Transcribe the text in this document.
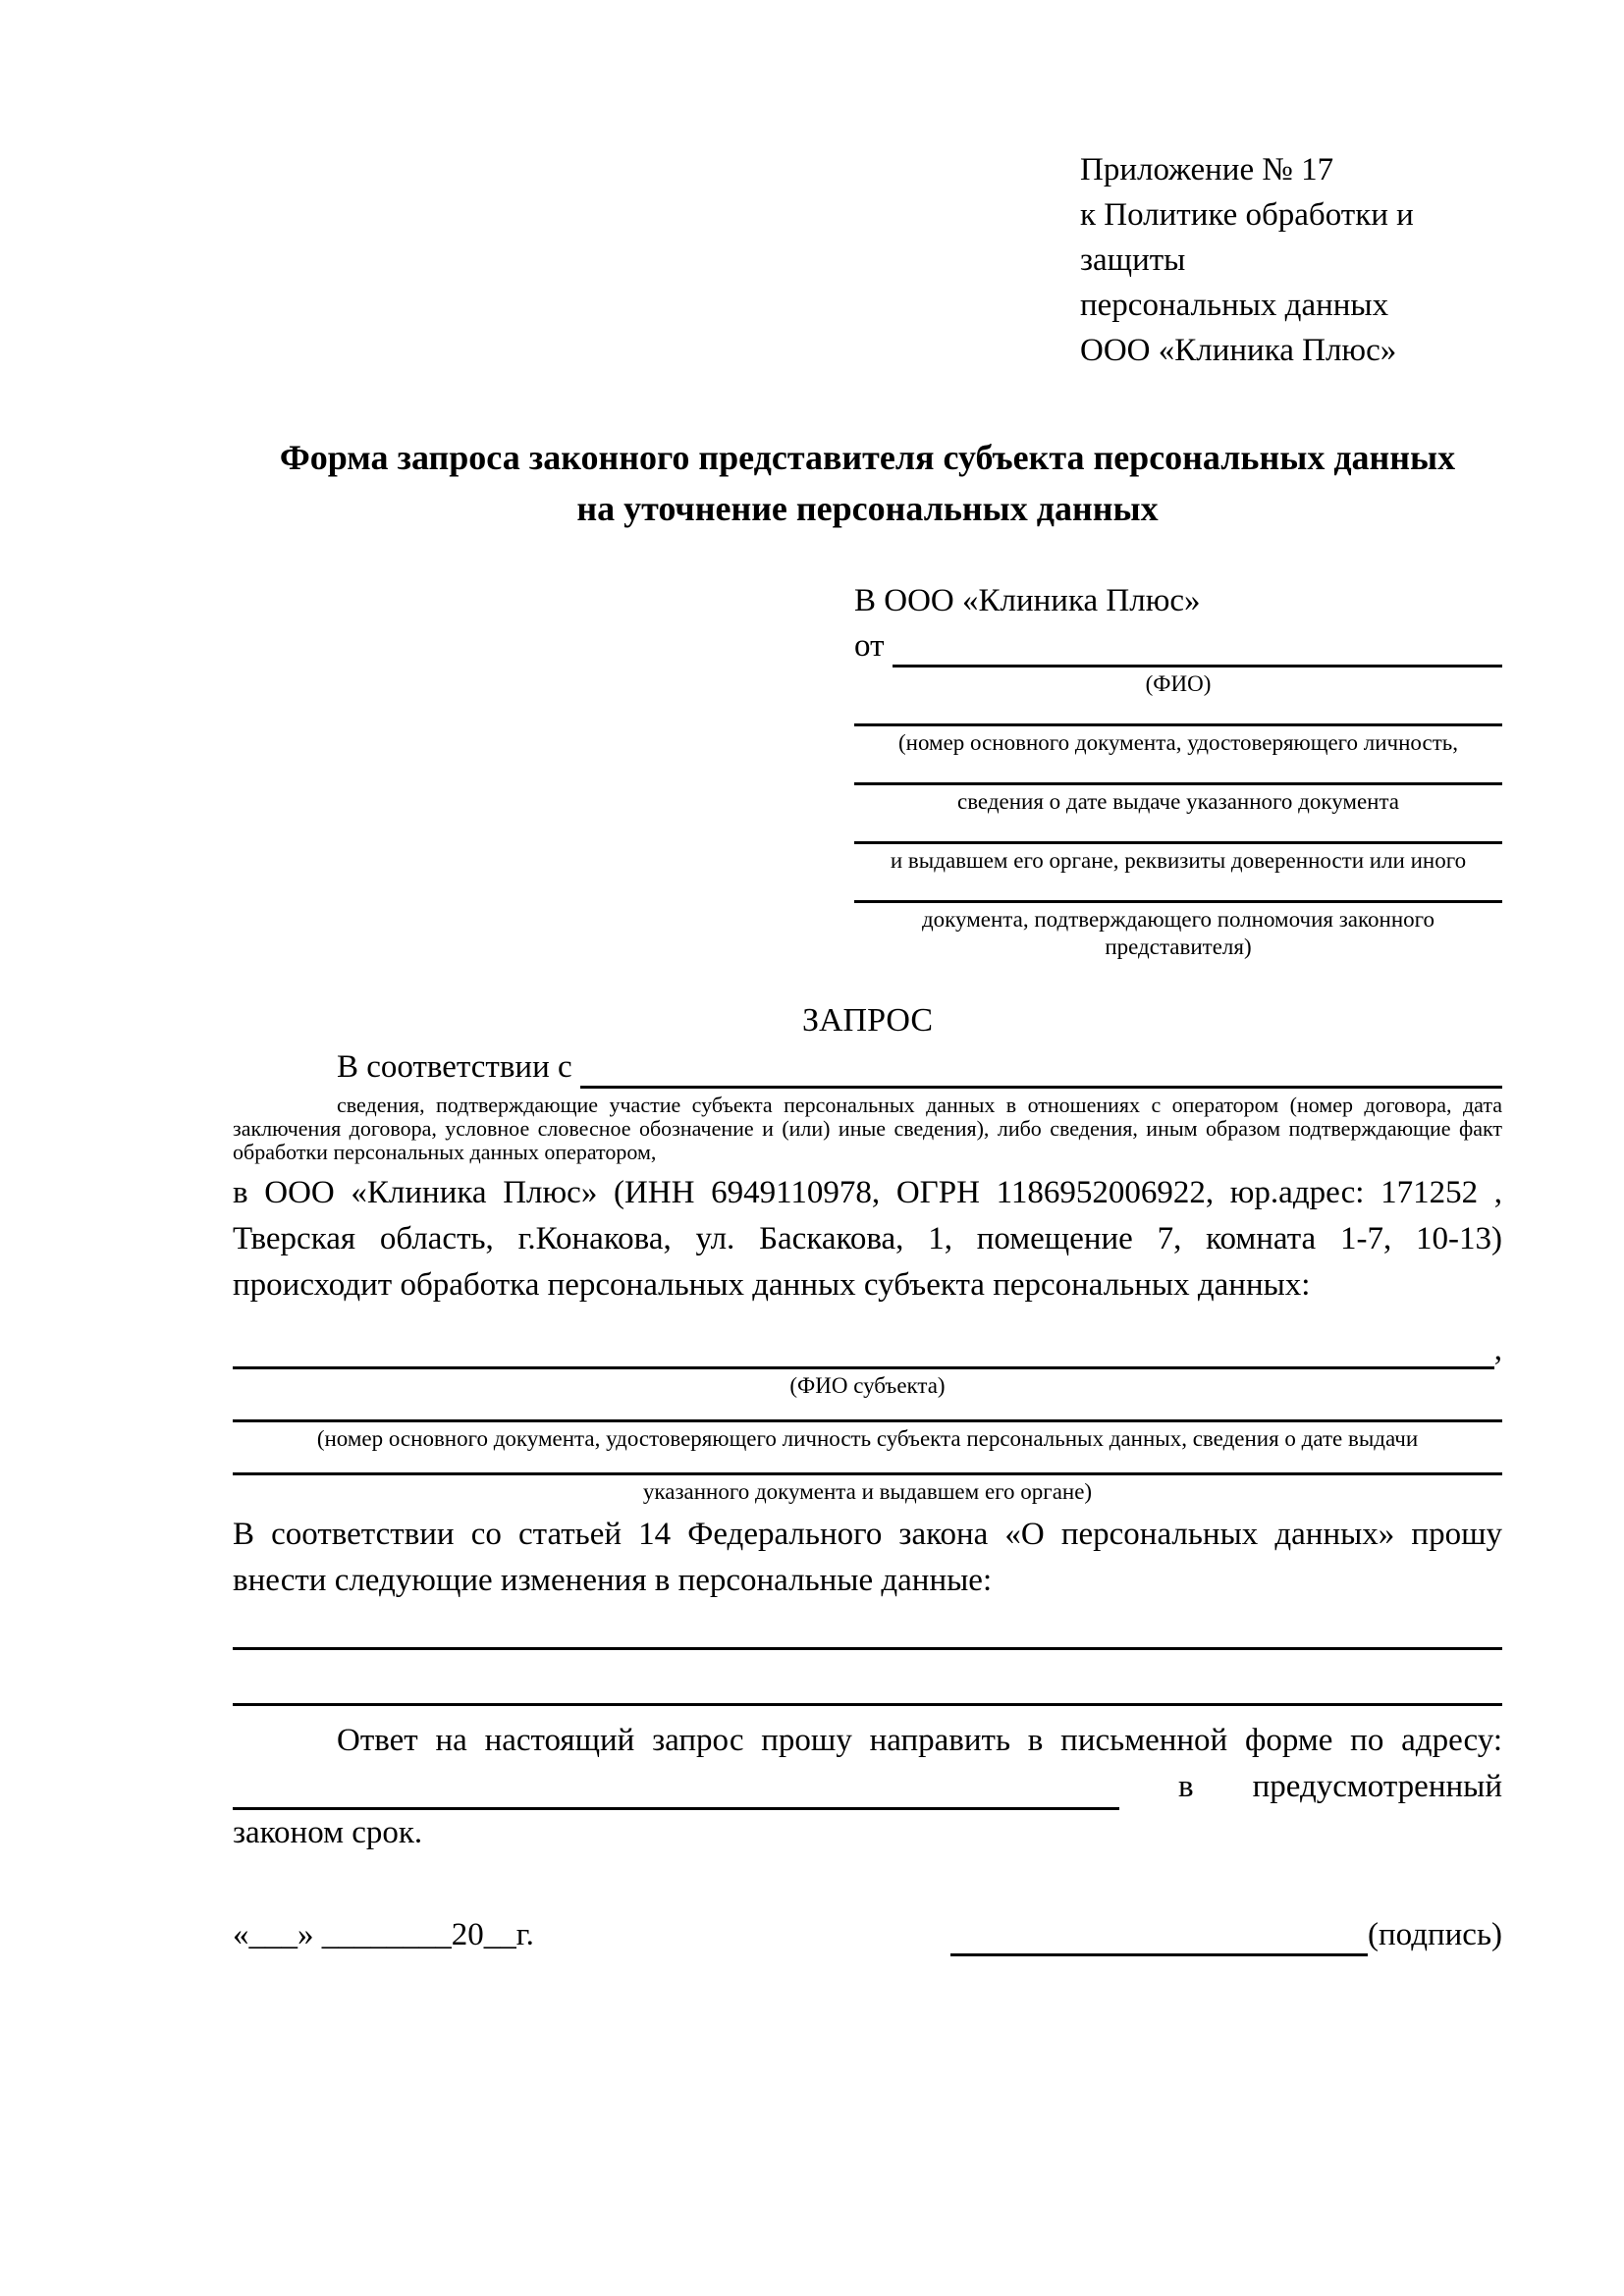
Приложение № 17
к Политике обработки и защиты
персональных данных
ООО «Клиника Плюс»
Форма запроса законного представителя субъекта персональных данных
на уточнение персональных данных
В ООО «Клиника Плюс»
от
(ФИО)
(номер основного документа, удостоверяющего личность,
сведения о дате выдаче указанного документа
и выдавшем его органе, реквизиты доверенности или иного
документа, подтверждающего полномочия законного представителя)
ЗАПРОС
В соответствии с
сведения, подтверждающие участие субъекта персональных данных в отношениях с оператором (номер договора, дата заключения договора, условное словесное обозначение и (или) иные сведения), либо сведения, иным образом подтверждающие факт обработки персональных данных оператором,
в ООО «Клиника Плюс» (ИНН 6949110978, ОГРН 1186952006922, юр.адрес: 171252 , Тверская область, г.Конакова, ул. Баскакова, 1, помещение 7, комната 1-7, 10-13) происходит обработка персональных данных субъекта персональных данных:
,
(ФИО субъекта)
(номер основного документа, удостоверяющего личность субъекта персональных данных, сведения о дате выдачи
указанного документа и выдавшем его органе)
В соответствии со статьей 14 Федерального закона «О персональных данных» прошу внести следующие изменения в персональные данные:
Ответ на настоящий запрос прошу направить в письменной форме по адресу:
в предусмотренный
законом срок.
«___» ________20__г.	(подпись)
